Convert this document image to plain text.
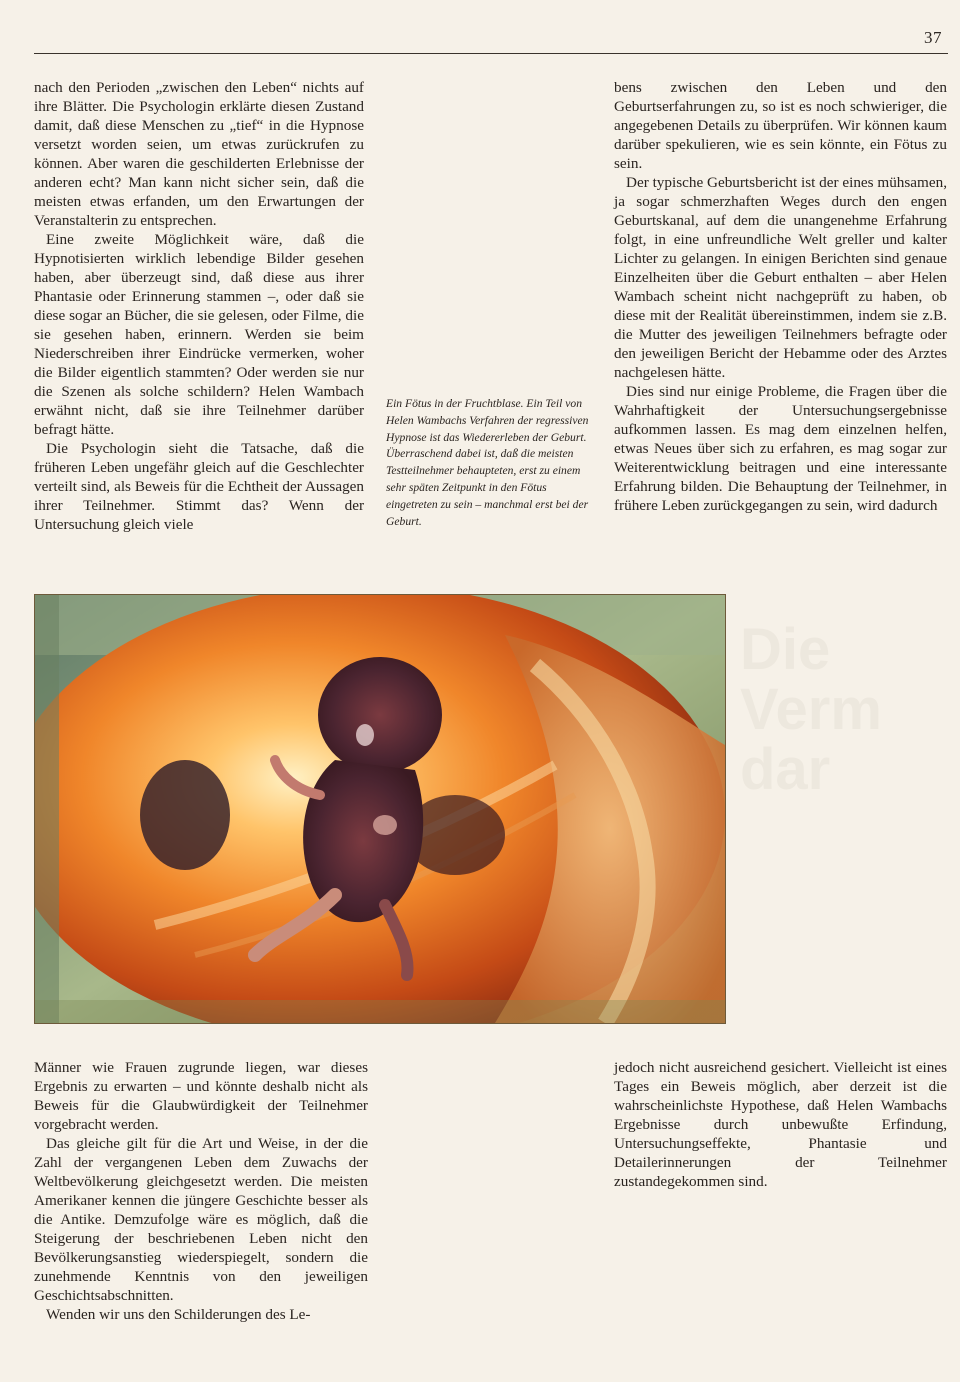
37

nach den Perioden „zwischen den Leben“ nichts auf ihre Blätter. Die Psychologin erklärte diesen Zustand damit, daß diese Menschen zu „tief“ in die Hypnose versetzt worden seien, um etwas zurückrufen zu können. Aber waren die geschilderten Erlebnisse der anderen echt? Man kann nicht sicher sein, daß die meisten etwas erfanden, um den Erwartungen der Veranstalterin zu entsprechen.

Eine zweite Möglichkeit wäre, daß die Hypnotisierten wirklich lebendige Bilder gesehen haben, aber überzeugt sind, daß diese aus ihrer Phantasie oder Erinnerung stammen –, oder daß sie diese sogar an Bücher, die sie gelesen, oder Filme, die sie gesehen haben, erinnern. Werden sie beim Niederschreiben ihrer Eindrücke vermerken, woher die Bilder eigentlich stammten? Oder werden sie nur die Szenen als solche schildern? Helen Wambach erwähnt nicht, daß sie ihre Teilnehmer darüber befragt hätte.

Die Psychologin sieht die Tatsache, daß die früheren Leben ungefähr gleich auf die Geschlechter verteilt sind, als Beweis für die Echtheit der Aussagen ihrer Teilnehmer. Stimmt das? Wenn der Untersuchung gleich viele

Ein Fötus in der Fruchtblase. Ein Teil von Helen Wambachs Verfahren der regressiven Hypnose ist das Wiedererleben der Geburt. Überraschend dabei ist, daß die meisten Testteilnehmer behaupteten, erst zu einem sehr späten Zeitpunkt in den Fötus eingetreten zu sein – manchmal erst bei der Geburt.

bens zwischen den Leben und den Geburtserfahrungen zu, so ist es noch schwieriger, die angegebenen Details zu überprüfen. Wir können kaum darüber spekulieren, wie es sein könnte, ein Fötus zu sein.

Der typische Geburtsbericht ist der eines mühsamen, ja sogar schmerzhaften Weges durch den engen Geburtskanal, auf dem die unangenehme Erfahrung folgt, in eine unfreundliche Welt greller und kalter Lichter zu gelangen. In einigen Berichten sind genaue Einzelheiten über die Geburt enthalten – aber Helen Wambach scheint nicht nachgeprüft zu haben, ob diese mit der Realität übereinstimmen, indem sie z.B. die Mutter des jeweiligen Teilnehmers befragte oder den jeweiligen Bericht der Hebamme oder des Arztes nachgelesen hätte.

Dies sind nur einige Probleme, die Fragen über die Wahrhaftigkeit der Untersuchungsergebnisse aufkommen lassen. Es mag dem einzelnen helfen, etwas Neues über sich zu erfahren, es mag sogar zur Weiterentwicklung beitragen und eine interessante Erfahrung bilden. Die Behauptung der Teilnehmer, in frühere Leben zurückgegangen zu sein, wird dadurch

Die
Verm
dar

Männer wie Frauen zugrunde liegen, war dieses Ergebnis zu erwarten – und könnte deshalb nicht als Beweis für die Glaubwürdigkeit der Teilnehmer vorgebracht werden.

Das gleiche gilt für die Art und Weise, in der die Zahl der vergangenen Leben dem Zuwachs der Weltbevölkerung gleichgesetzt werden. Die meisten Amerikaner kennen die jüngere Geschichte besser als die Antike. Demzufolge wäre es möglich, daß die Steigerung der beschriebenen Leben nicht den Bevölkerungsanstieg wiederspiegelt, sondern die zunehmende Kenntnis von den jeweiligen Geschichtsabschnitten.

Wenden wir uns den Schilderungen des Le-

jedoch nicht ausreichend gesichert. Vielleicht ist eines Tages ein Beweis möglich, aber derzeit ist die wahrscheinlichste Hypothese, daß Helen Wambachs Ergebnisse durch unbewußte Erfindung, Untersuchungseffekte, Phantasie und Detailerinnerungen der Teilnehmer zustandegekommen sind.
